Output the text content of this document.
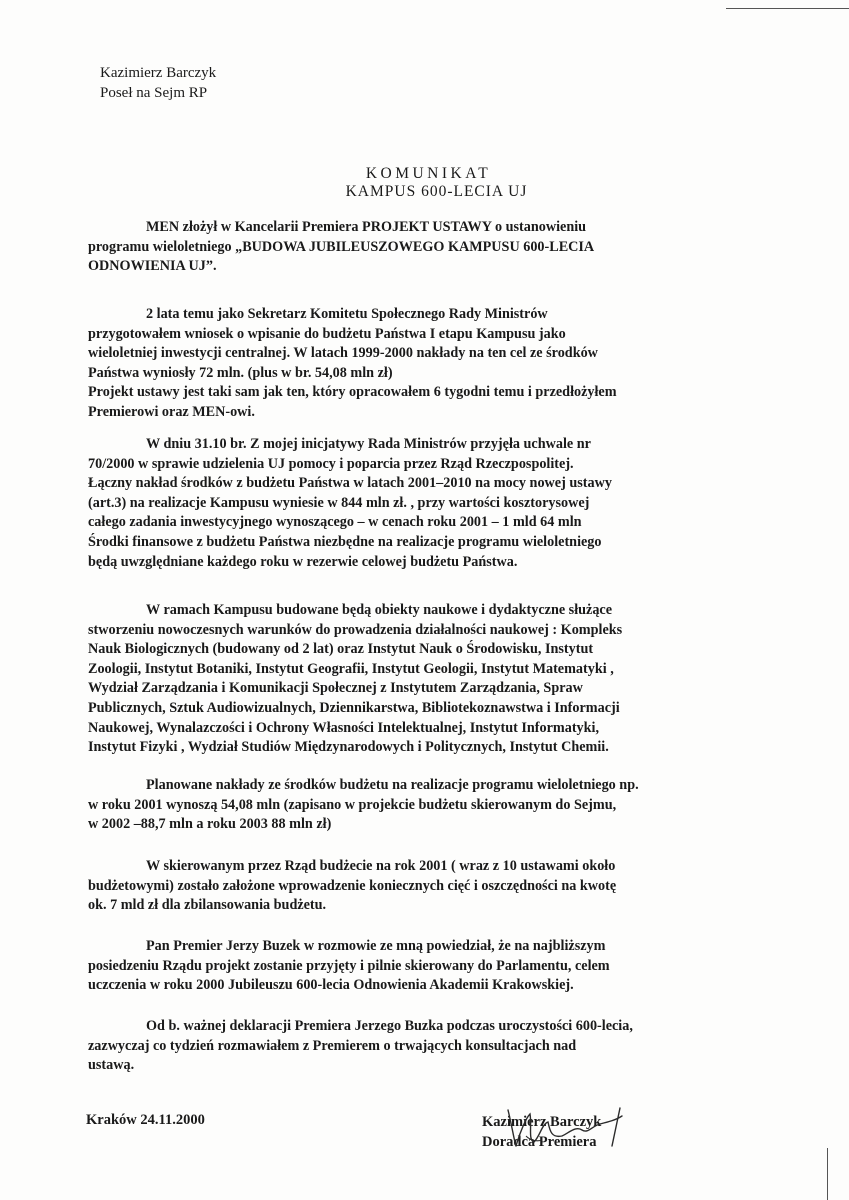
Kazimierz Barczyk
Poseł na Sejm RP
KOMUNIKAT
KAMPUS 600-LECIA UJ
MEN złożył w Kancelarii Premiera PROJEKT USTAWY o ustanowieniu
programu wieloletniego „BUDOWA JUBILEUSZOWEGO KAMPUSU 600-LECIA
ODNOWIENIA UJ”.
2 lata temu jako Sekretarz Komitetu Społecznego Rady Ministrów
przygotowałem wniosek o wpisanie do budżetu Państwa I etapu Kampusu jako
wieloletniej inwestycji centralnej. W latach 1999-2000 nakłady na ten cel ze środków
Państwa wyniosły 72 mln. (plus w br. 54,08 mln zł)
Projekt ustawy jest taki sam jak ten, który opracowałem 6 tygodni temu i przedłożyłem
Premierowi oraz MEN-owi.
W dniu 31.10 br. Z mojej inicjatywy Rada Ministrów przyjęła uchwale nr
70/2000 w sprawie udzielenia UJ pomocy i poparcia przez Rząd Rzeczpospolitej.
Łączny nakład środków z budżetu Państwa w latach 2001–2010 na mocy nowej ustawy
(art.3) na realizacje Kampusu wyniesie w 844 mln zł. , przy wartości kosztorysowej
całego zadania inwestycyjnego wynoszącego – w cenach roku 2001 – 1 mld 64 mln
Środki finansowe z budżetu Państwa niezbędne na realizacje programu wieloletniego
będą uwzględniane każdego roku w rezerwie celowej budżetu Państwa.
W ramach Kampusu budowane będą obiekty naukowe i dydaktyczne służące
stworzeniu nowoczesnych warunków do prowadzenia działalności naukowej : Kompleks
Nauk Biologicznych (budowany od 2 lat) oraz Instytut Nauk o Środowisku, Instytut
Zoologii, Instytut Botaniki, Instytut Geografii, Instytut Geologii, Instytut Matematyki ,
Wydział Zarządzania i Komunikacji Społecznej z Instytutem Zarządzania, Spraw
Publicznych, Sztuk Audiowizualnych, Dziennikarstwa, Bibliotekoznawstwa i Informacji
Naukowej, Wynalazczości i Ochrony Własności Intelektualnej, Instytut Informatyki,
Instytut Fizyki , Wydział Studiów Międzynarodowych i Politycznych, Instytut Chemii.
Planowane nakłady ze środków budżetu na realizacje programu wieloletniego np.
w roku 2001 wynoszą 54,08 mln (zapisano w projekcie budżetu skierowanym do Sejmu,
w 2002 –88,7 mln a roku 2003 88 mln zł)
W skierowanym przez Rząd budżecie na rok 2001 ( wraz z 10 ustawami około
budżetowymi) zostało założone wprowadzenie koniecznych cięć i oszczędności na kwotę
ok. 7 mld zł dla zbilansowania budżetu.
Pan Premier Jerzy Buzek w rozmowie ze mną powiedział, że na najbliższym
posiedzeniu Rządu projekt zostanie przyjęty i pilnie skierowany do Parlamentu, celem
uczczenia w roku 2000 Jubileuszu 600-lecia Odnowienia Akademii Krakowskiej.
Od b. ważnej deklaracji Premiera Jerzego Buzka podczas uroczystości 600-lecia,
zazwyczaj co tydzień rozmawiałem z Premierem o trwających konsultacjach nad
ustawą.
Kraków 24.11.2000	Kazimierz Barczyk
Doradca Premiera
